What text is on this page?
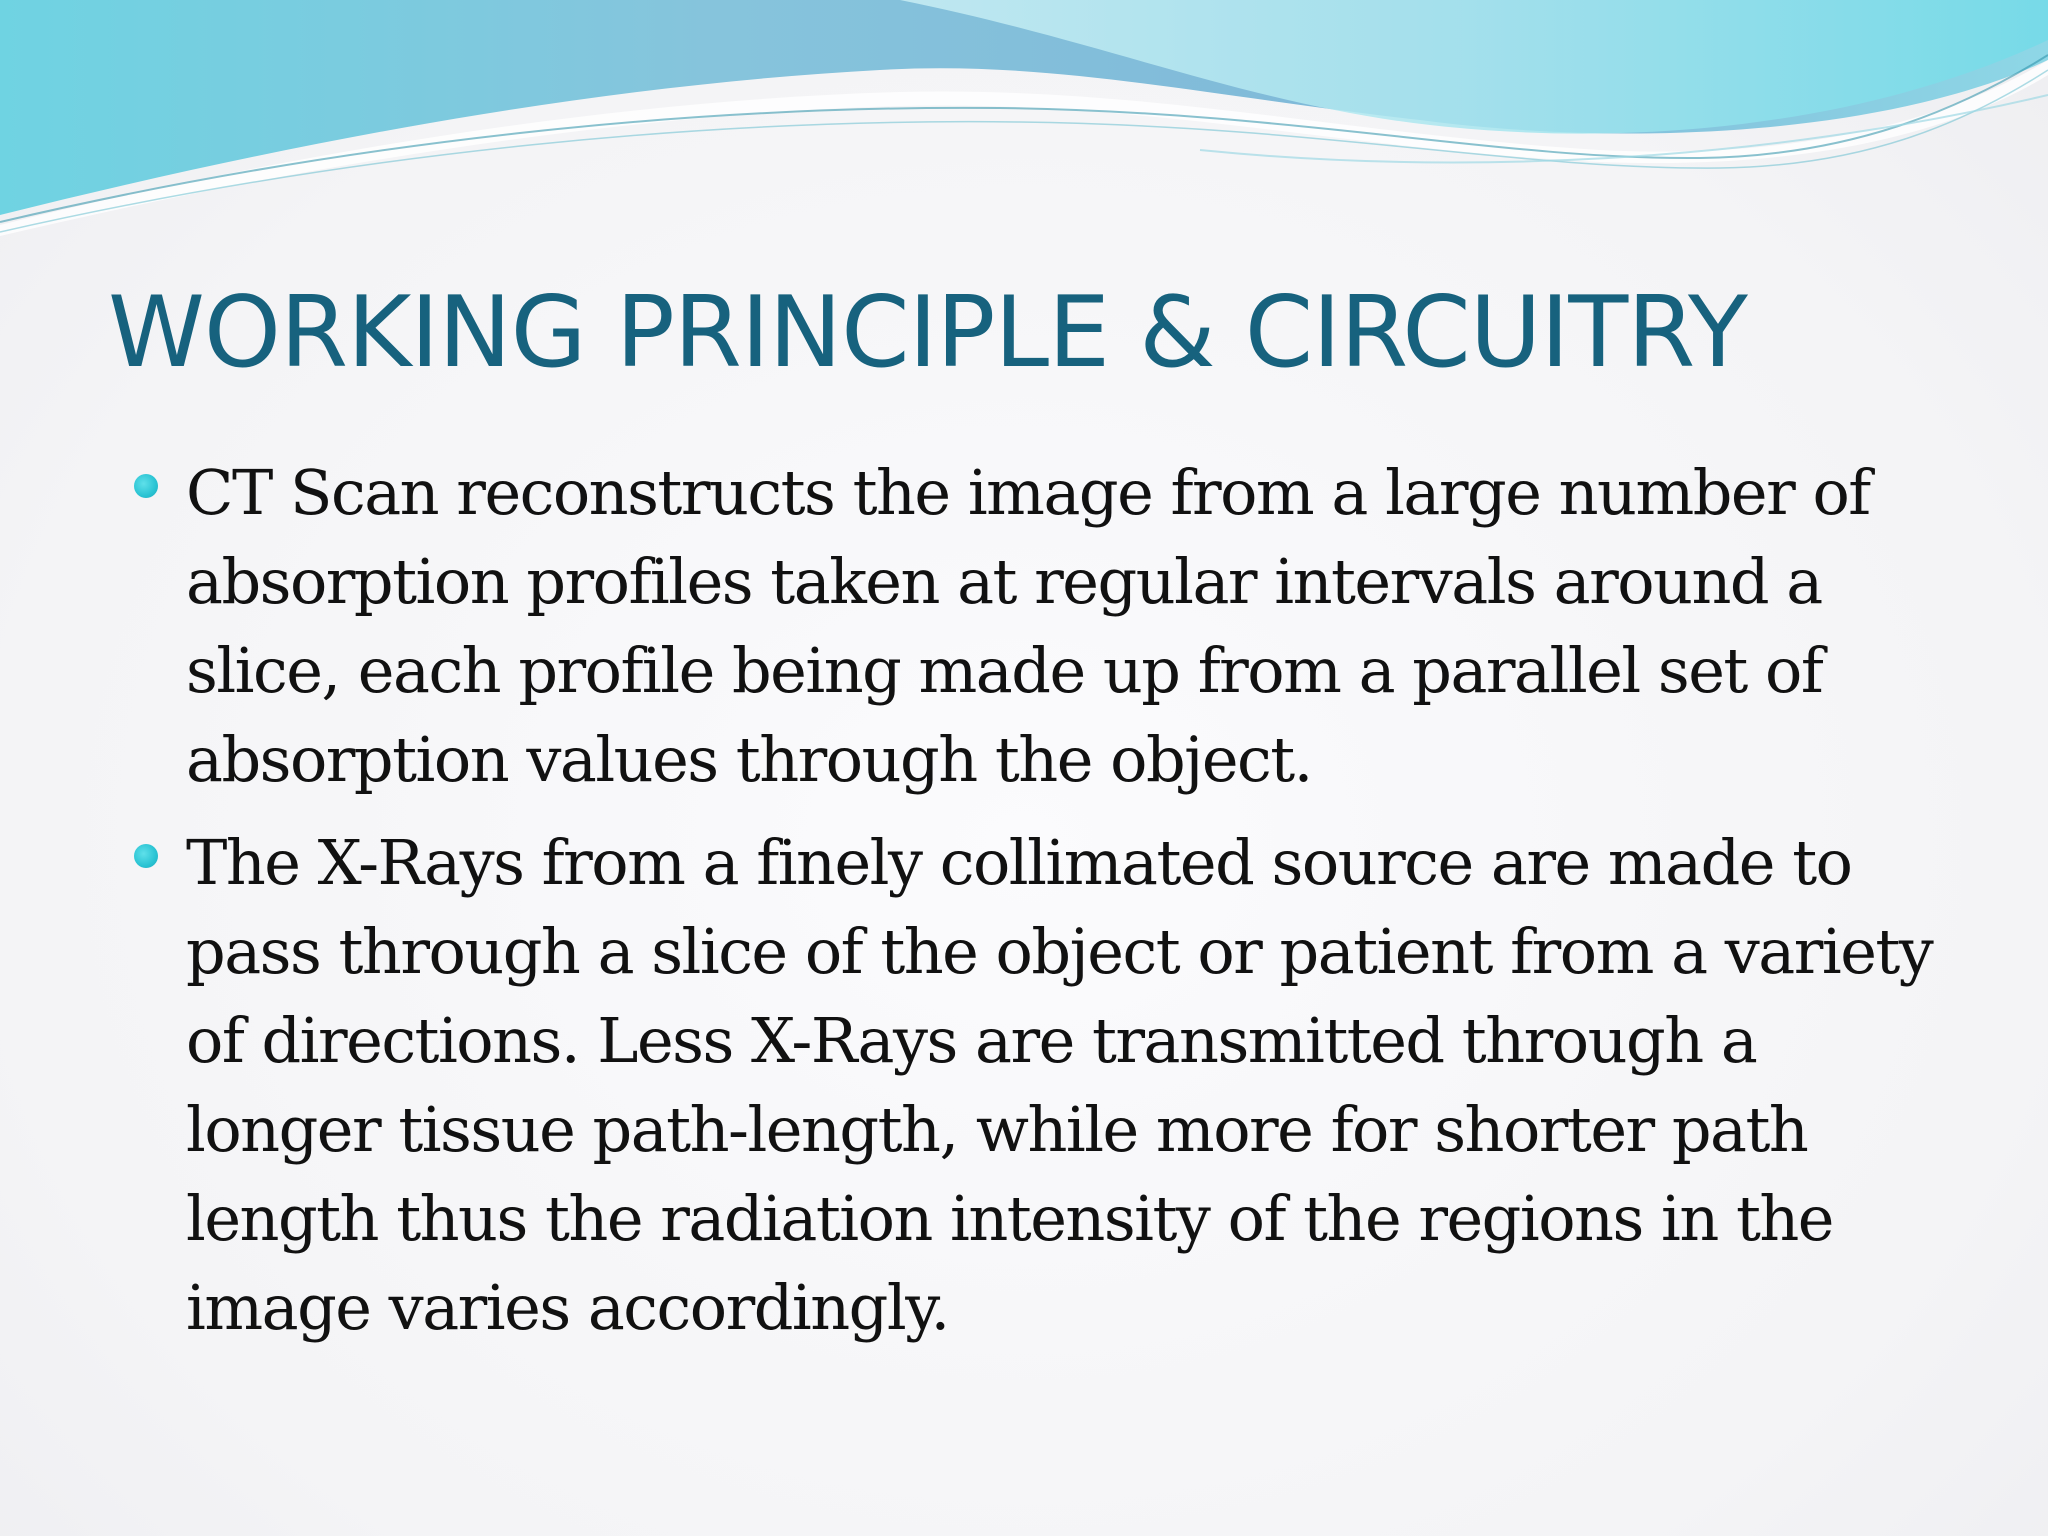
WORKING PRINCIPLE & CIRCUITRY
CT Scan reconstructs the image from a large number of absorption profiles taken at regular intervals around a slice, each profile being made up from a parallel set of absorption values through the object.
The X-Rays from a finely collimated source are made to pass through a slice of the object or patient from a variety of directions. Less X-Rays are transmitted through a longer tissue path-length, while more for shorter path length thus the radiation intensity of the regions in the image varies accordingly.
